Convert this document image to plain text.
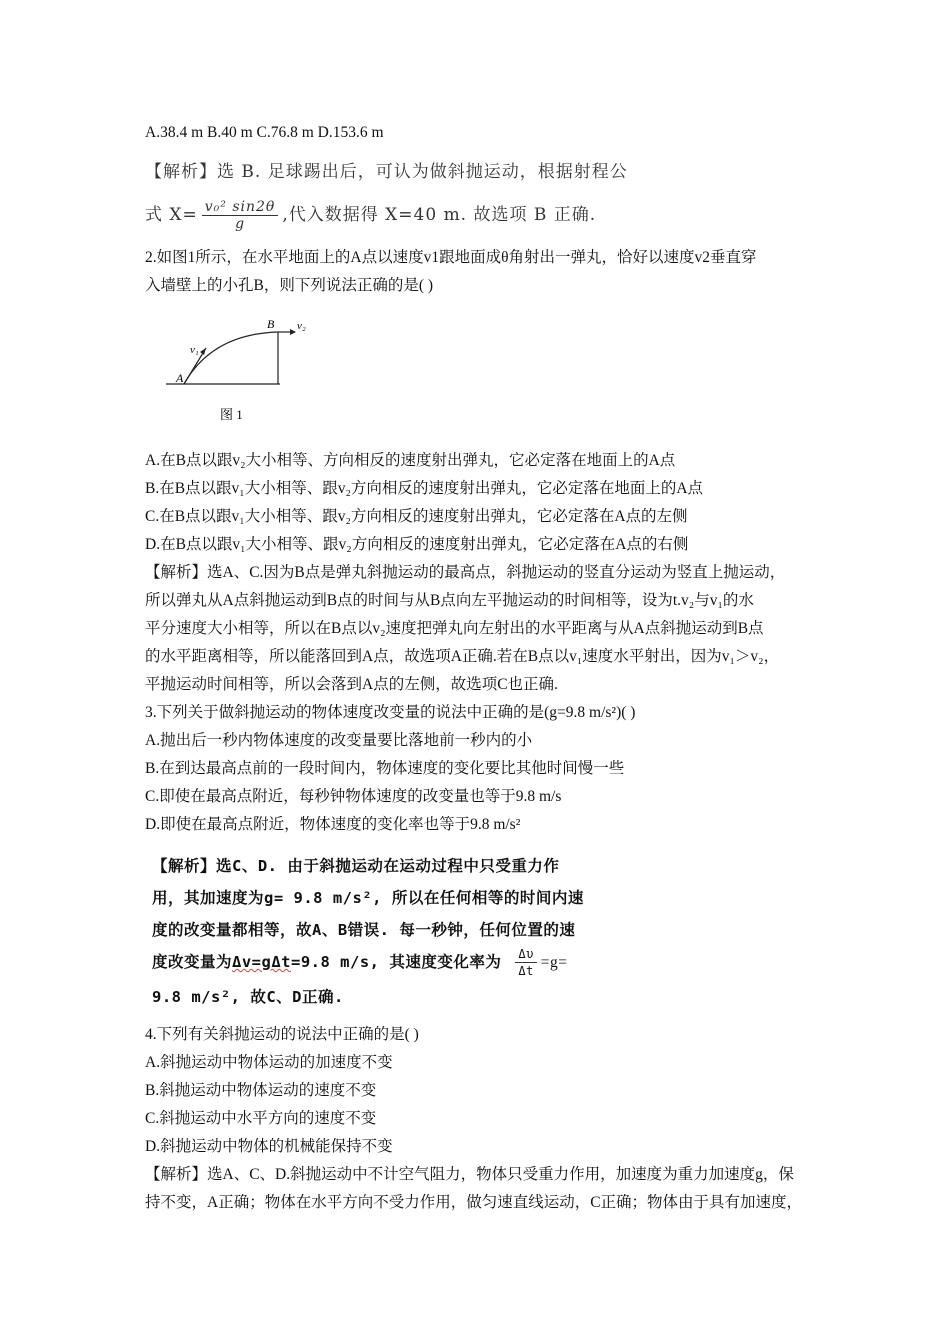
A.38.4 m B.40 m C.76.8 m D.153.6 m
【解析】选 B. 足球踢出后，可认为做斜抛运动，根据射程公
式 $X= \frac{\text{v₀² sin2θ}}{g}$ ,代入数据得 X=40 m. 故选项 B 正确.
2.如图1所示，在水平地面上的A点以速度v1跟地面成θ角射出一弹丸，恰好以速度v2垂直穿
入墙壁上的小孔B，则下列说法正确的是( )
A
B
v₁
v₂
图 1
A.在B点以跟v₂大小相等、方向相反的速度射出弹丸，它必定落在地面上的A点
B.在B点以跟v₁大小相等、跟v₂方向相反的速度射出弹丸，它必定落在地面上的A点
C.在B点以跟v₁大小相等、跟v₂方向相反的速度射出弹丸，它必定落在A点的左侧
D.在B点以跟v₁大小相等、跟v₂方向相反的速度射出弹丸，它必定落在A点的右侧
【解析】选A、C.因为B点是弹丸斜抛运动的最高点，斜抛运动的竖直分运动为竖直上抛运动，
所以弹丸从A点斜抛运动到B点的时间与从B点向左平抛运动的时间相等，设为t.v₂与v₁的水
平分速度大小相等，所以在B点以v₂速度把弹丸向左射出的水平距离与从A点斜抛运动到B点
的水平距离相等，所以能落回到A点，故选项A正确.若在B点以v₁速度水平射出，因为v₁＞v₂，
平抛运动时间相等，所以会落到A点的左侧，故选项C也正确.
3.下列关于做斜抛运动的物体速度改变量的说法中正确的是(g=9.8 m/s²)( )
A.抛出后一秒内物体速度的改变量要比落地前一秒内的小
B.在到达最高点前的一段时间内，物体速度的变化要比其他时间慢一些
C.即使在最高点附近，每秒钟物体速度的改变量也等于9.8 m/s
D.即使在最高点附近，物体速度的变化率也等于9.8 m/s²
【解析】选C、D. 由于斜抛运动在运动过程中只受重力作
用，其加速度为g= 9.8 m/s², 所以在任何相等的时间内速
度的改变量都相等，故A、B错误. 每一秒钟，任何位置的速
度改变量为Δv=gΔt=9.8 m/s, 其速度变化率为 $\frac{\Delta\upsilon}{\Delta t} =g=$
9.8 m/s², 故C、D正确.
4.下列有关斜抛运动的说法中正确的是( )
A.斜抛运动中物体运动的加速度不变
B.斜抛运动中物体运动的速度不变
C.斜抛运动中水平方向的速度不变
D.斜抛运动中物体的机械能保持不变
【解析】选A、C、D.斜抛运动中不计空气阻力，物体只受重力作用，加速度为重力加速度g，保
持不变，A正确；物体在水平方向不受力作用，做匀速直线运动，C正确；物体由于具有加速度，
